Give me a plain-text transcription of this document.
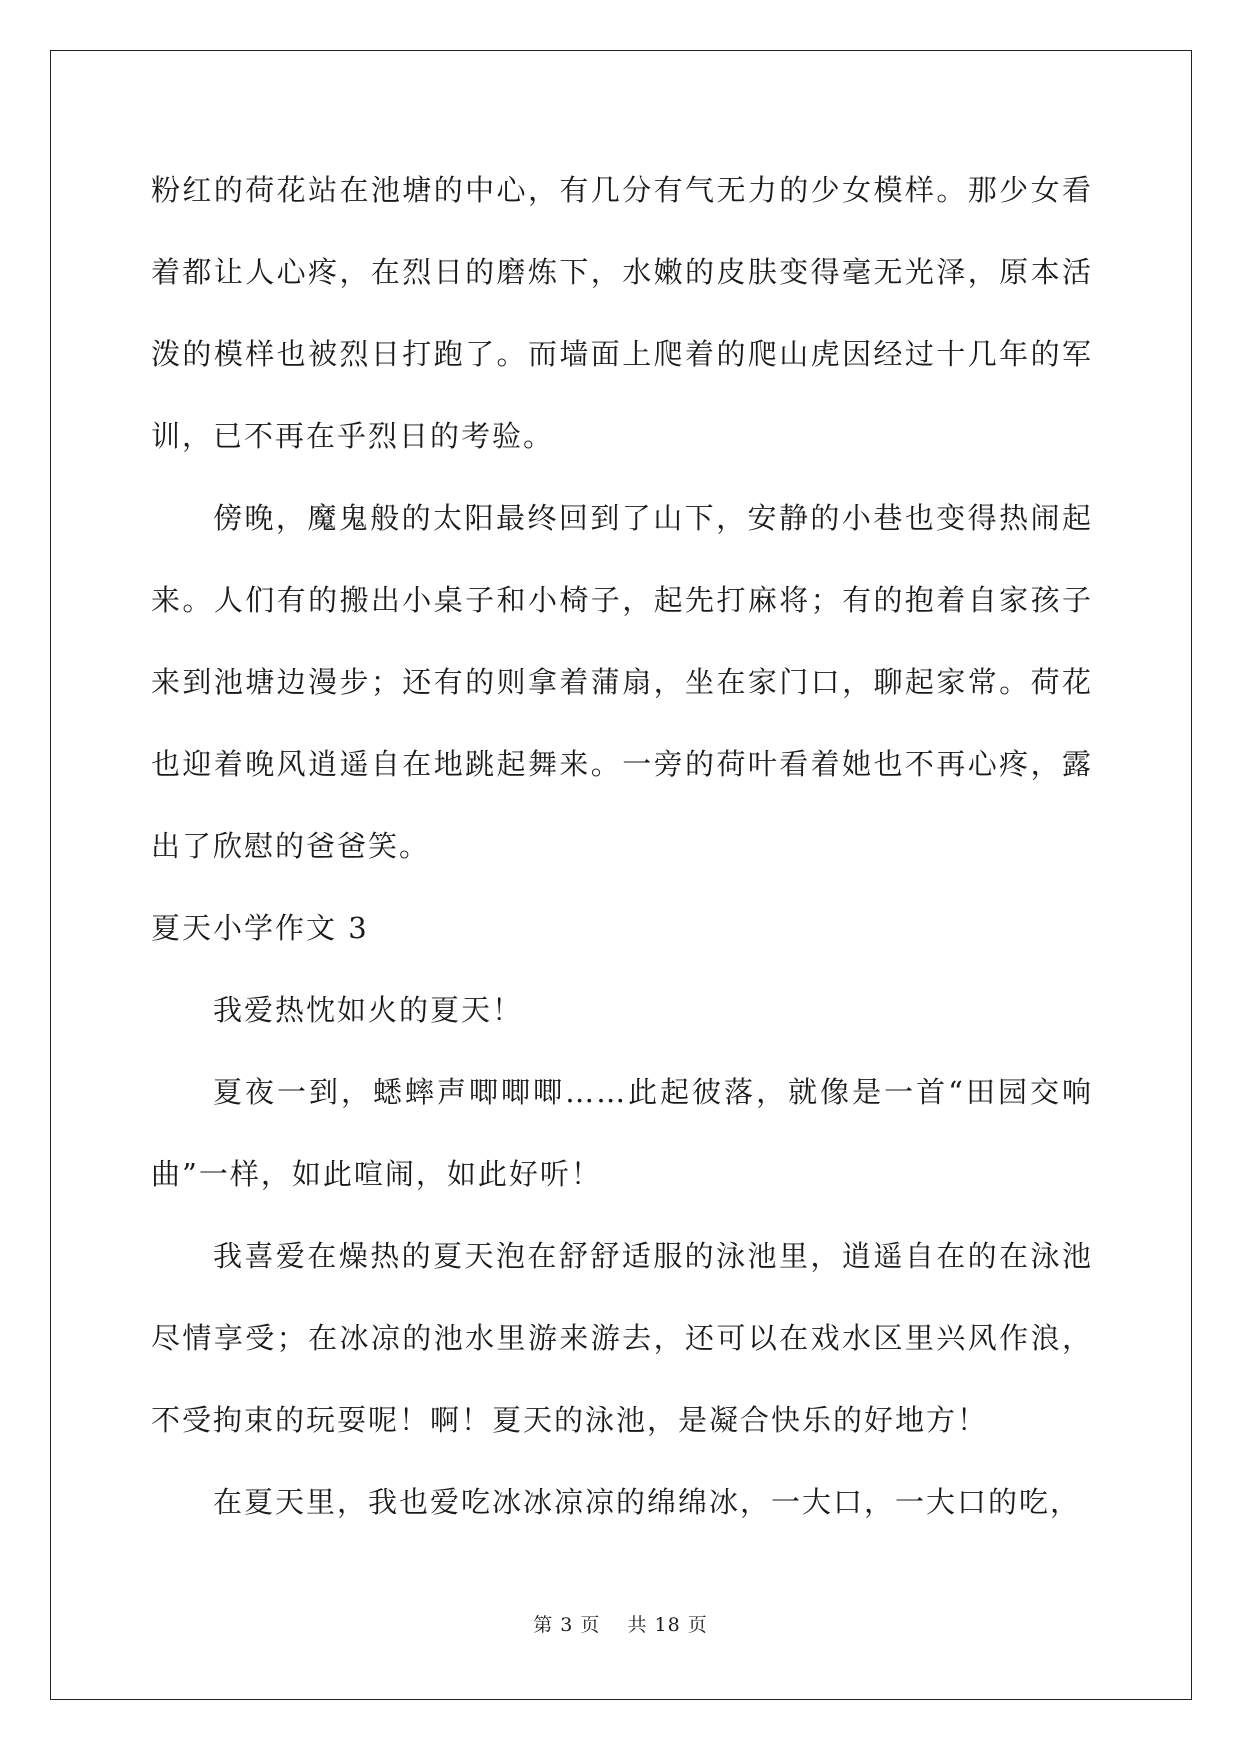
粉红的荷花站在池塘的中心，有几分有气无力的少女模样。那少女看着都让人心疼，在烈日的磨炼下，水嫩的皮肤变得毫无光泽，原本活泼的模样也被烈日打跑了。而墙面上爬着的爬山虎因经过十几年的军训，已不再在乎烈日的考验。

傍晚，魔鬼般的太阳最终回到了山下，安静的小巷也变得热闹起来。人们有的搬出小桌子和小椅子，起先打麻将；有的抱着自家孩子来到池塘边漫步；还有的则拿着蒲扇，坐在家门口，聊起家常。荷花也迎着晚风逍遥自在地跳起舞来。一旁的荷叶看着她也不再心疼，露出了欣慰的爸爸笑。

夏天小学作文 3

我爱热忱如火的夏天！

夏夜一到，蟋蟀声唧唧唧……此起彼落，就像是一首“田园交响曲”一样，如此喧闹，如此好听！

我喜爱在燥热的夏天泡在舒舒适服的泳池里，逍遥自在的在泳池尽情享受；在冰凉的池水里游来游去，还可以在戏水区里兴风作浪，不受拘束的玩耍呢！啊！夏天的泳池，是凝合快乐的好地方！

在夏天里，我也爱吃冰冰凉凉的绵绵冰，一大口，一大口的吃，

第 3 页 共 18 页
